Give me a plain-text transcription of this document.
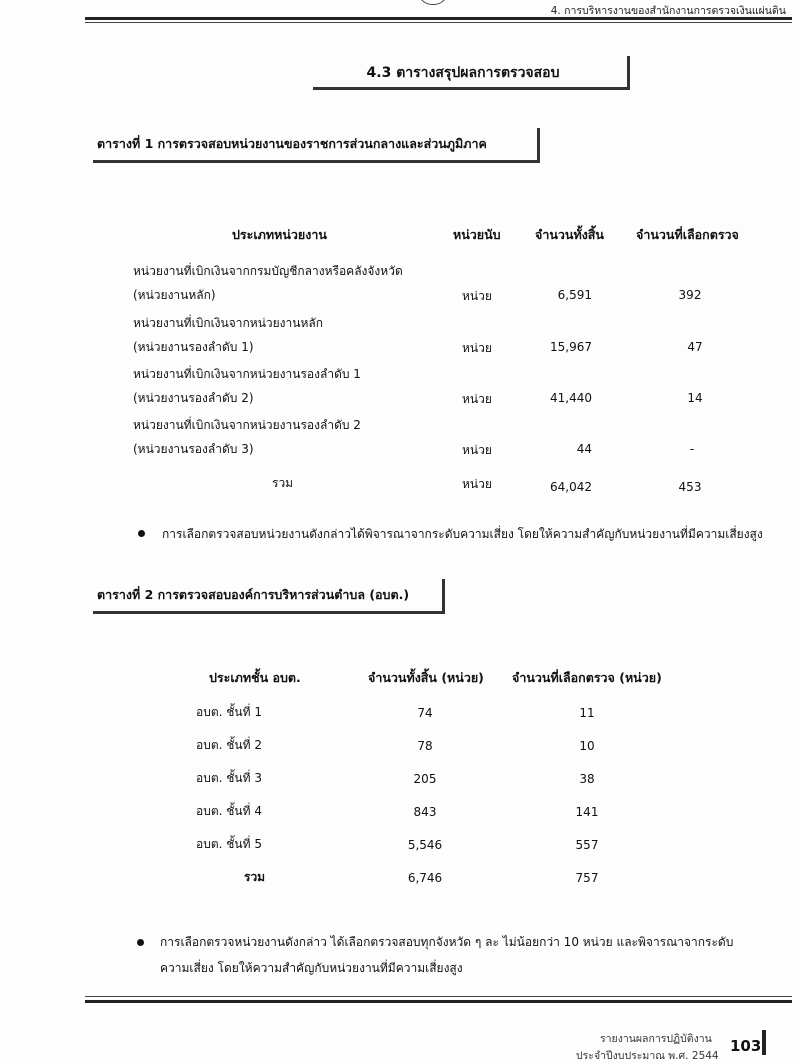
4. การบริหารงานของสำนักงานการตรวจเงินแผ่นดิน
4.3 ตารางสรุปผลการตรวจสอบ
ตารางที่ 1 การตรวจสอบหน่วยงานของราชการส่วนกลางและส่วนภูมิภาค
ประเภทหน่วยงาน	หน่วยนับ	จำนวนทั้งสิ้น	จำนวนที่เลือกตรวจ
หน่วยงานที่เบิกเงินจากกรมบัญชีกลางหรือคลังจังหวัด
(หน่วยงานหลัก)	หน่วย	6,591	392
หน่วยงานที่เบิกเงินจากหน่วยงานหลัก
(หน่วยงานรองลำดับ 1)	หน่วย	15,967	47
หน่วยงานที่เบิกเงินจากหน่วยงานรองลำดับ 1
(หน่วยงานรองลำดับ 2)	หน่วย	41,440	14
หน่วยงานที่เบิกเงินจากหน่วยงานรองลำดับ 2
(หน่วยงานรองลำดับ 3)	หน่วย	44	-
รวม	หน่วย	64,042	453
การเลือกตรวจสอบหน่วยงานดังกล่าวได้พิจารณาจากระดับความเสี่ยง โดยให้ความสำคัญกับหน่วยงานที่มีความเสี่ยงสูง
ตารางที่ 2 การตรวจสอบองค์การบริหารส่วนตำบล (อบต.)
ประเภทชั้น อบต.	จำนวนทั้งสิ้น (หน่วย) จำนวนที่เลือกตรวจ (หน่วย)
อบต. ชั้นที่ 1	74	11
อบต. ชั้นที่ 2	78	10
อบต. ชั้นที่ 3	205	38
อบต. ชั้นที่ 4	843	141
อบต. ชั้นที่ 5	5,546	557
รวม	6,746	757
การเลือกตรวจหน่วยงานดังกล่าว ได้เลือกตรวจสอบทุกจังหวัด ๆ ละ ไม่น้อยกว่า 10 หน่วย และพิจารณาจากระดับ
ความเสี่ยง โดยให้ความสำคัญกับหน่วยงานที่มีความเสี่ยงสูง
รายงานผลการปฏิบัติงาน
ประจำปีงบประมาณ พ.ศ. 2544
103
